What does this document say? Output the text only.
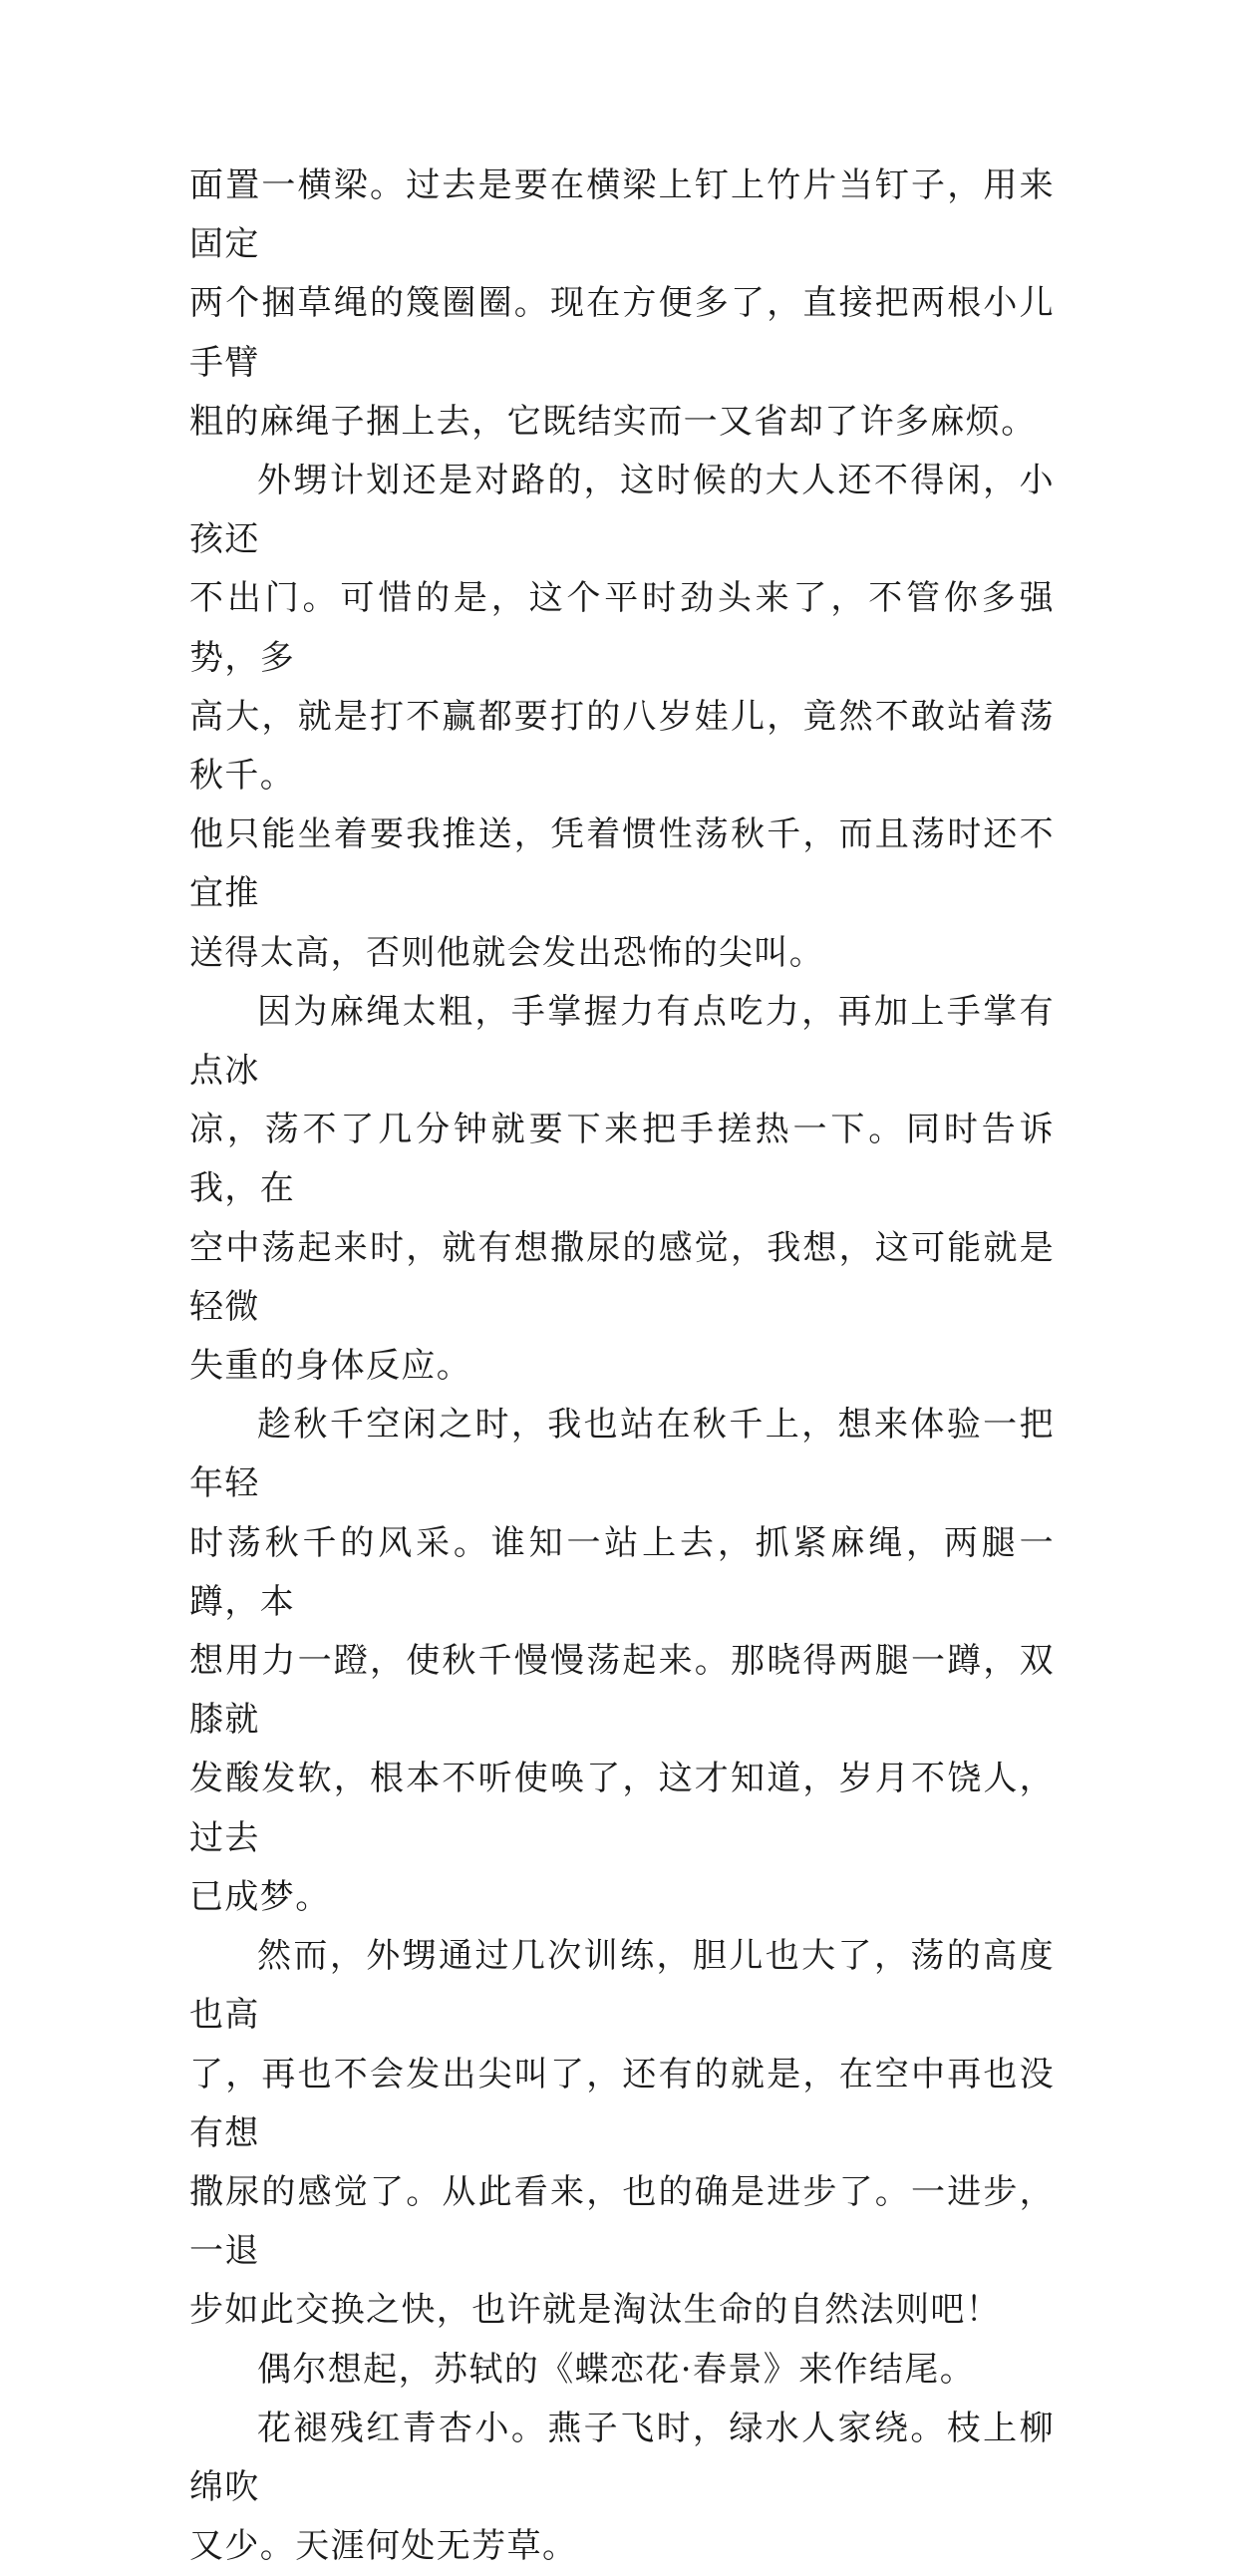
面置一横梁。过去是要在横梁上钉上竹片当钉子，用来固定
两个捆草绳的篾圈圈。现在方便多了，直接把两根小儿手臂
粗的麻绳子捆上去，它既结实而一又省却了许多麻烦。

外甥计划还是对路的，这时候的大人还不得闲，小孩还
不出门。可惜的是，这个平时劲头来了，不管你多强势，多
高大，就是打不赢都要打的八岁娃儿，竟然不敢站着荡秋千。
他只能坐着要我推送，凭着惯性荡秋千，而且荡时还不宜推
送得太高，否则他就会发出恐怖的尖叫。

因为麻绳太粗，手掌握力有点吃力，再加上手掌有点冰
凉，荡不了几分钟就要下来把手搓热一下。同时告诉我，在
空中荡起来时，就有想撒尿的感觉，我想，这可能就是轻微
失重的身体反应。

趁秋千空闲之时，我也站在秋千上，想来体验一把年轻
时荡秋千的风采。谁知一站上去，抓紧麻绳，两腿一蹲，本
想用力一蹬，使秋千慢慢荡起来。那晓得两腿一蹲，双膝就
发酸发软，根本不听使唤了，这才知道，岁月不饶人，过去
已成梦。

然而，外甥通过几次训练，胆儿也大了，荡的高度也高
了，再也不会发出尖叫了，还有的就是，在空中再也没有想
撒尿的感觉了。从此看来，也的确是进步了。一进步，一退
步如此交换之快，也许就是淘汰生命的自然法则吧！

偶尔想起，苏轼的《蝶恋花·春景》来作结尾。

花褪残红青杏小。燕子飞时，绿水人家绕。枝上柳绵吹
又少。天涯何处无芳草。
